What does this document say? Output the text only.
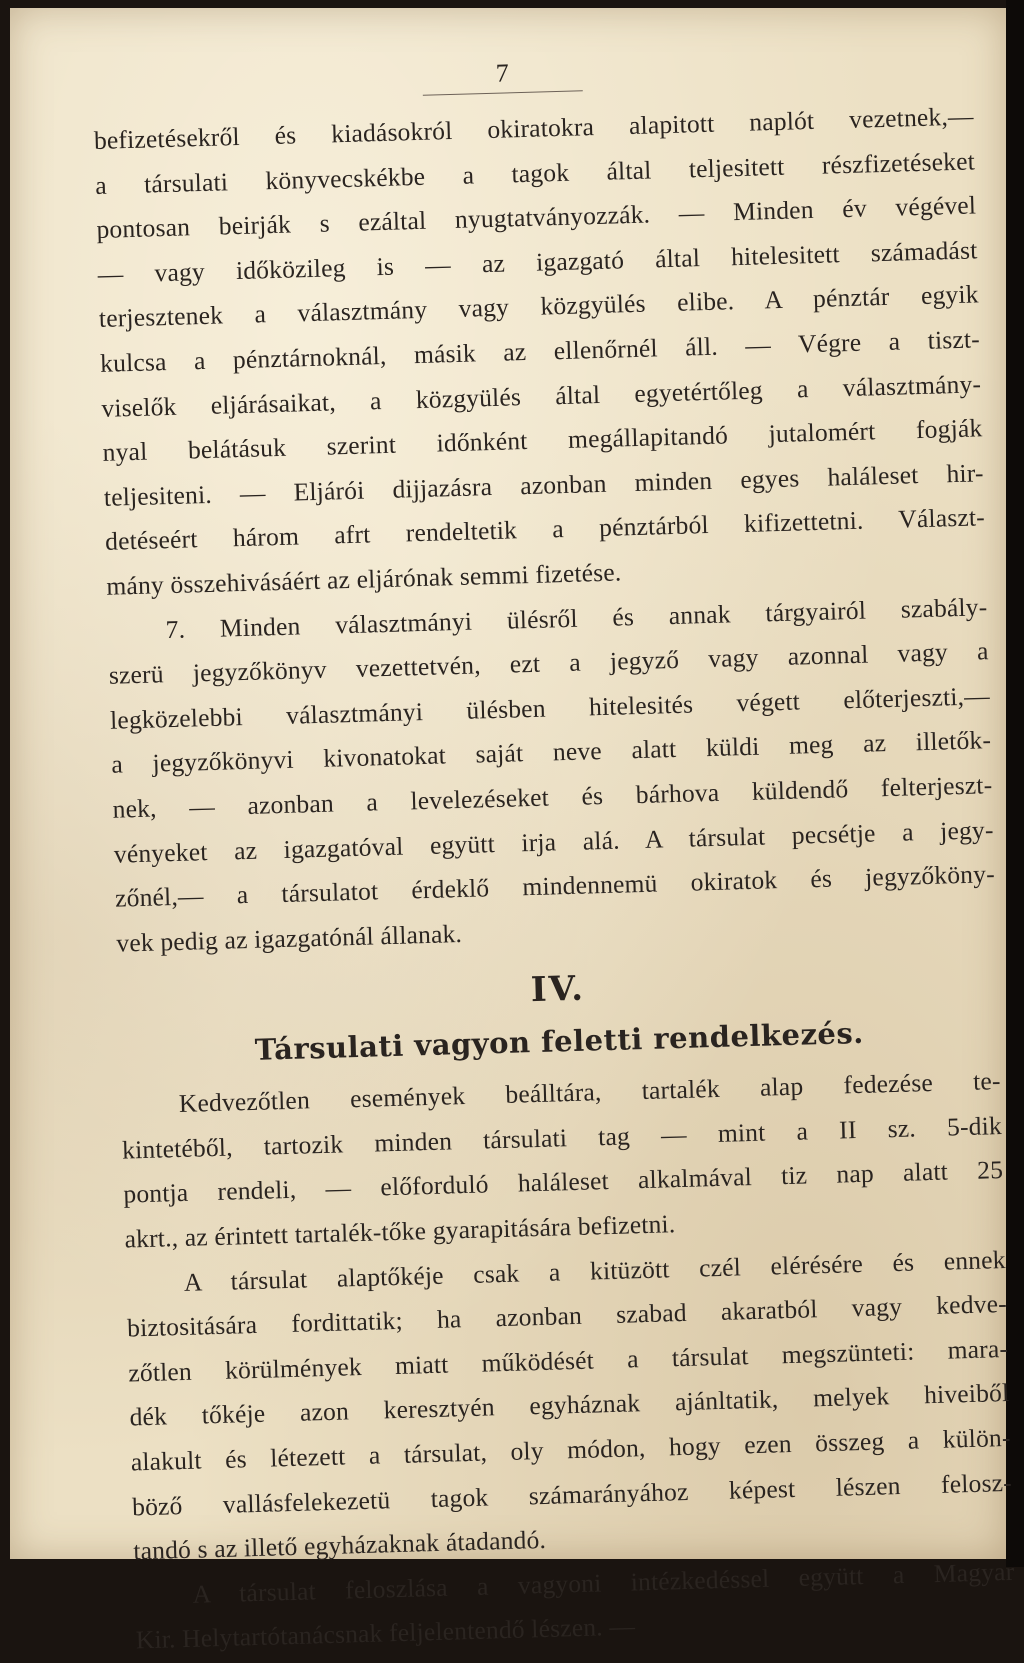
7
befizetésekről és kiadásokról okiratokra alapitott naplót vezetnek,—
a társulati könyvecskékbe a tagok által teljesitett részfizetéseket
pontosan beirják s ezáltal nyugtatványozzák. — Minden év végével
— vagy időközileg is — az igazgató által hitelesitett számadást
terjesztenek a választmány vagy közgyülés elibe. A pénztár egyik
kulcsa a pénztárnoknál, másik az ellenőrnél áll. — Végre a tiszt-
viselők eljárásaikat, a közgyülés által egyetértőleg a választmány-
nyal belátásuk szerint időnként megállapitandó jutalomért fogják
teljesiteni. — Eljárói dijjazásra azonban minden egyes haláleset hir-
detéseért három afrt rendeltetik a pénztárból kifizettetni. Választ-
mány összehivásáért az eljárónak semmi fizetése.
7. Minden választmányi ülésről és annak tárgyairól szabály-
szerü jegyzőkönyv vezettetvén, ezt a jegyző vagy azonnal vagy a
legközelebbi választmányi ülésben hitelesités végett előterjeszti,—
a jegyzőkönyvi kivonatokat saját neve alatt küldi meg az illetők-
nek, — azonban a levelezéseket és bárhova küldendő felterjeszt-
vényeket az igazgatóval együtt irja alá. A társulat pecsétje a jegy-
zőnél,— a társulatot érdeklő mindennemü okiratok és jegyzőköny-
vek pedig az igazgatónál állanak.
IV.
Társulati vagyon feletti rendelkezés.
Kedvezőtlen események beálltára, tartalék alap fedezése te-
kintetéből, tartozik minden társulati tag — mint a II sz. 5-dik
pontja rendeli, — előforduló haláleset alkalmával tiz nap alatt 25
akrt., az érintett tartalék-tőke gyarapitására befizetni.
A társulat alaptőkéje csak a kitüzött czél elérésére és ennek
biztositására fordittatik; ha azonban szabad akaratból vagy kedve-
zőtlen körülmények miatt működését a társulat megszünteti: mara-
dék tőkéje azon keresztyén egyháznak ajánltatik, melyek hiveiből
alakult és létezett a társulat, oly módon, hogy ezen összeg a külön-
böző vallásfelekezetü tagok számarányához képest lészen felosz-
tandó s az illető egyházaknak átadandó.
A társulat feloszlása a vagyoni intézkedéssel együtt a Magyar
Kir. Helytartótanácsnak feljelentendő lészen. —
